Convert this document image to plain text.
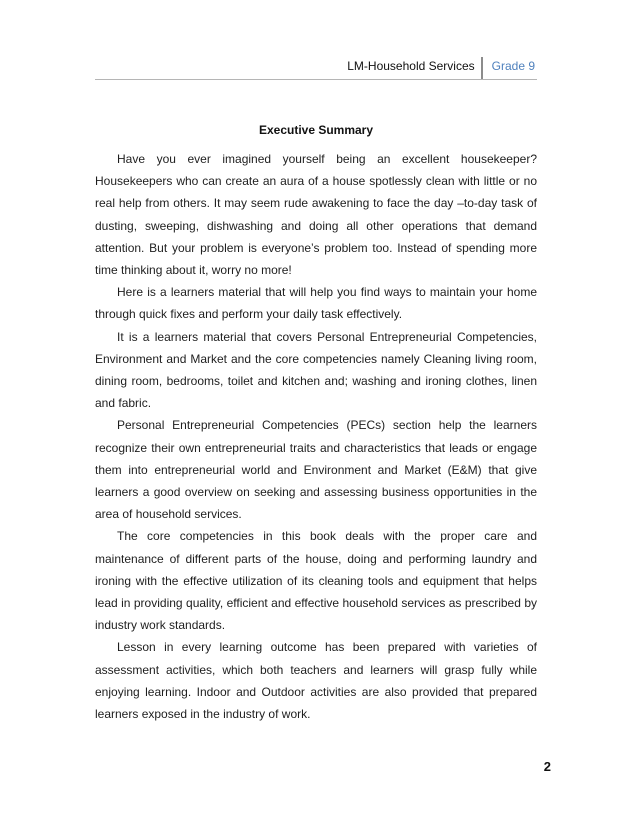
LM-Household Services	Grade 9
Executive Summary

Have you ever imagined yourself being an excellent housekeeper? Housekeepers who can create an aura of a house spotlessly clean with little or no real help from others. It may seem rude awakening to face the day –to-day task of dusting, sweeping, dishwashing and doing all other operations that demand attention. But your problem is everyone’s problem too. Instead of spending more time thinking about it, worry no more!

Here is a learners material that will help you find ways to maintain your home through quick fixes and perform your daily task effectively.

It is a learners material that covers Personal Entrepreneurial Competencies, Environment and Market and the core competencies namely Cleaning living room, dining room, bedrooms, toilet and kitchen and; washing and ironing clothes, linen and fabric.

Personal Entrepreneurial Competencies (PECs) section help the learners recognize their own entrepreneurial traits and characteristics that leads or engage them into entrepreneurial world and Environment and Market (E&M) that give learners a good overview on seeking and assessing business opportunities in the area of household services.

The core competencies in this book deals with the proper care and maintenance of different parts of the house, doing and performing laundry and ironing with the effective utilization of its cleaning tools and equipment that helps lead in providing quality, efficient and effective household services as prescribed by industry work standards.

Lesson in every learning outcome has been prepared with varieties of assessment activities, which both teachers and learners will grasp fully while enjoying learning. Indoor and Outdoor activities are also provided that prepared learners exposed in the industry of work.

2
